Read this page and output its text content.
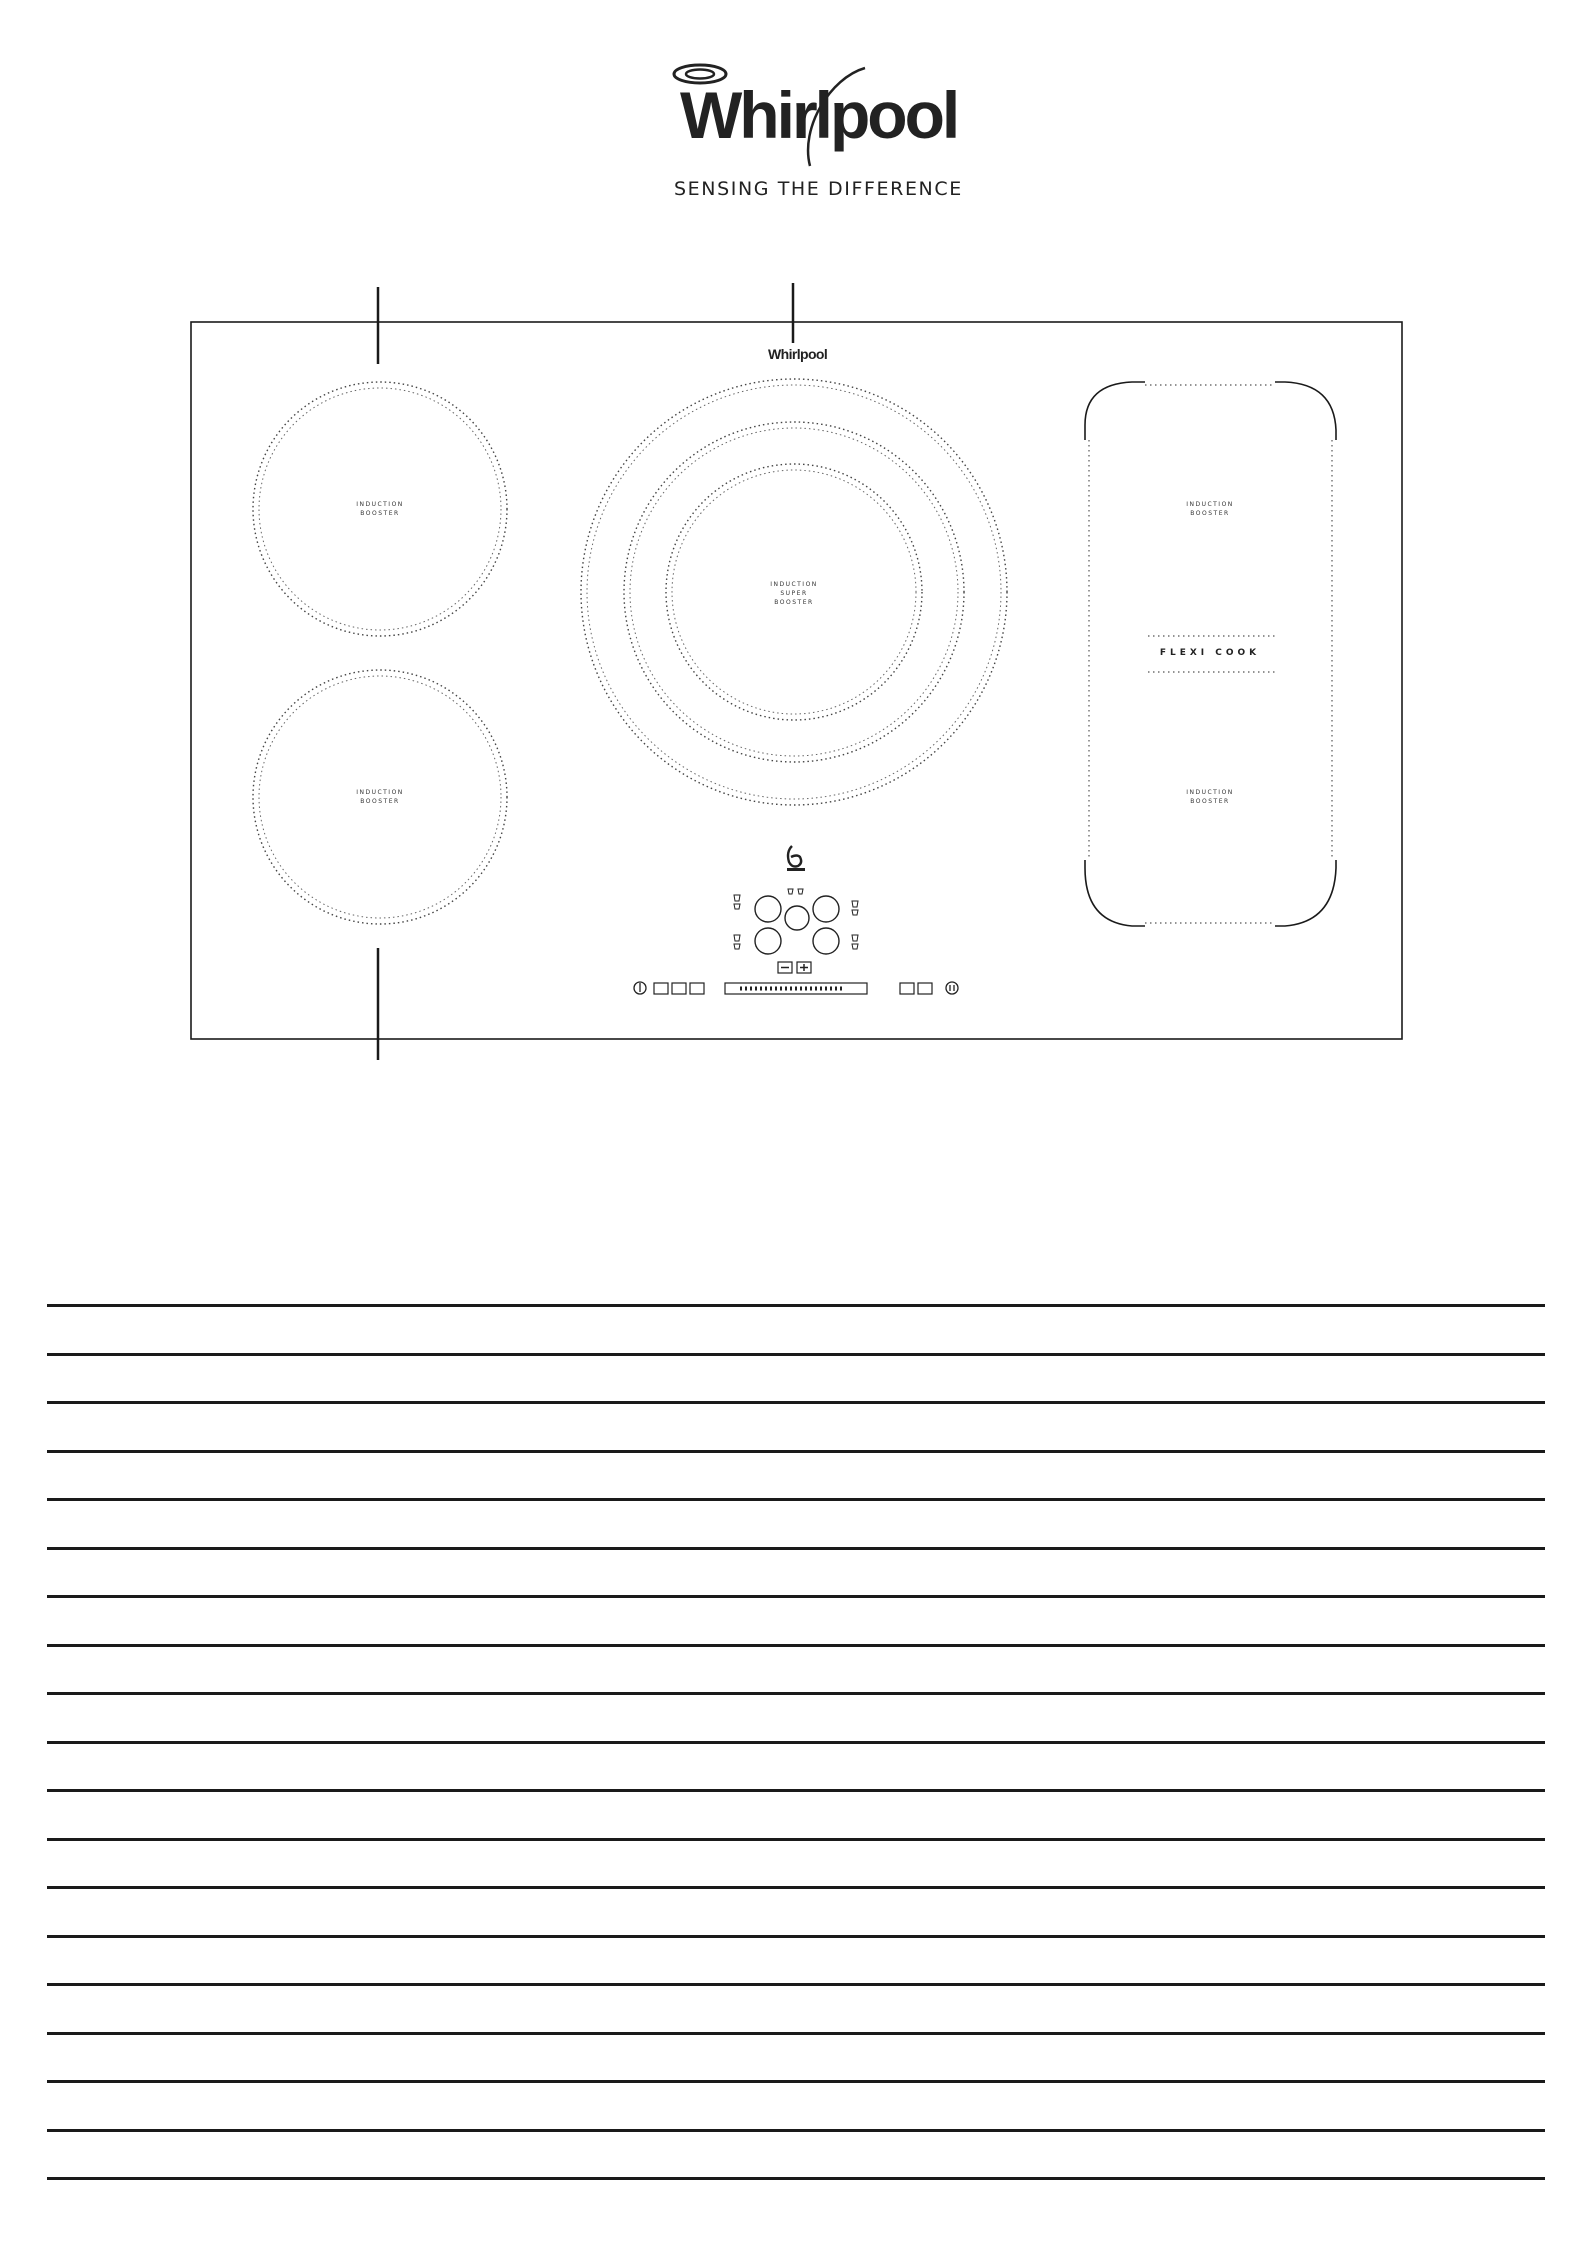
Whirlpool
SENSING THE DIFFERENCE
Whirlpool
INDUCTION
BOOSTER
INDUCTION
BOOSTER
INDUCTION
SUPER
BOOSTER
INDUCTION
BOOSTER
INDUCTION
BOOSTER
FLEXI COOK
